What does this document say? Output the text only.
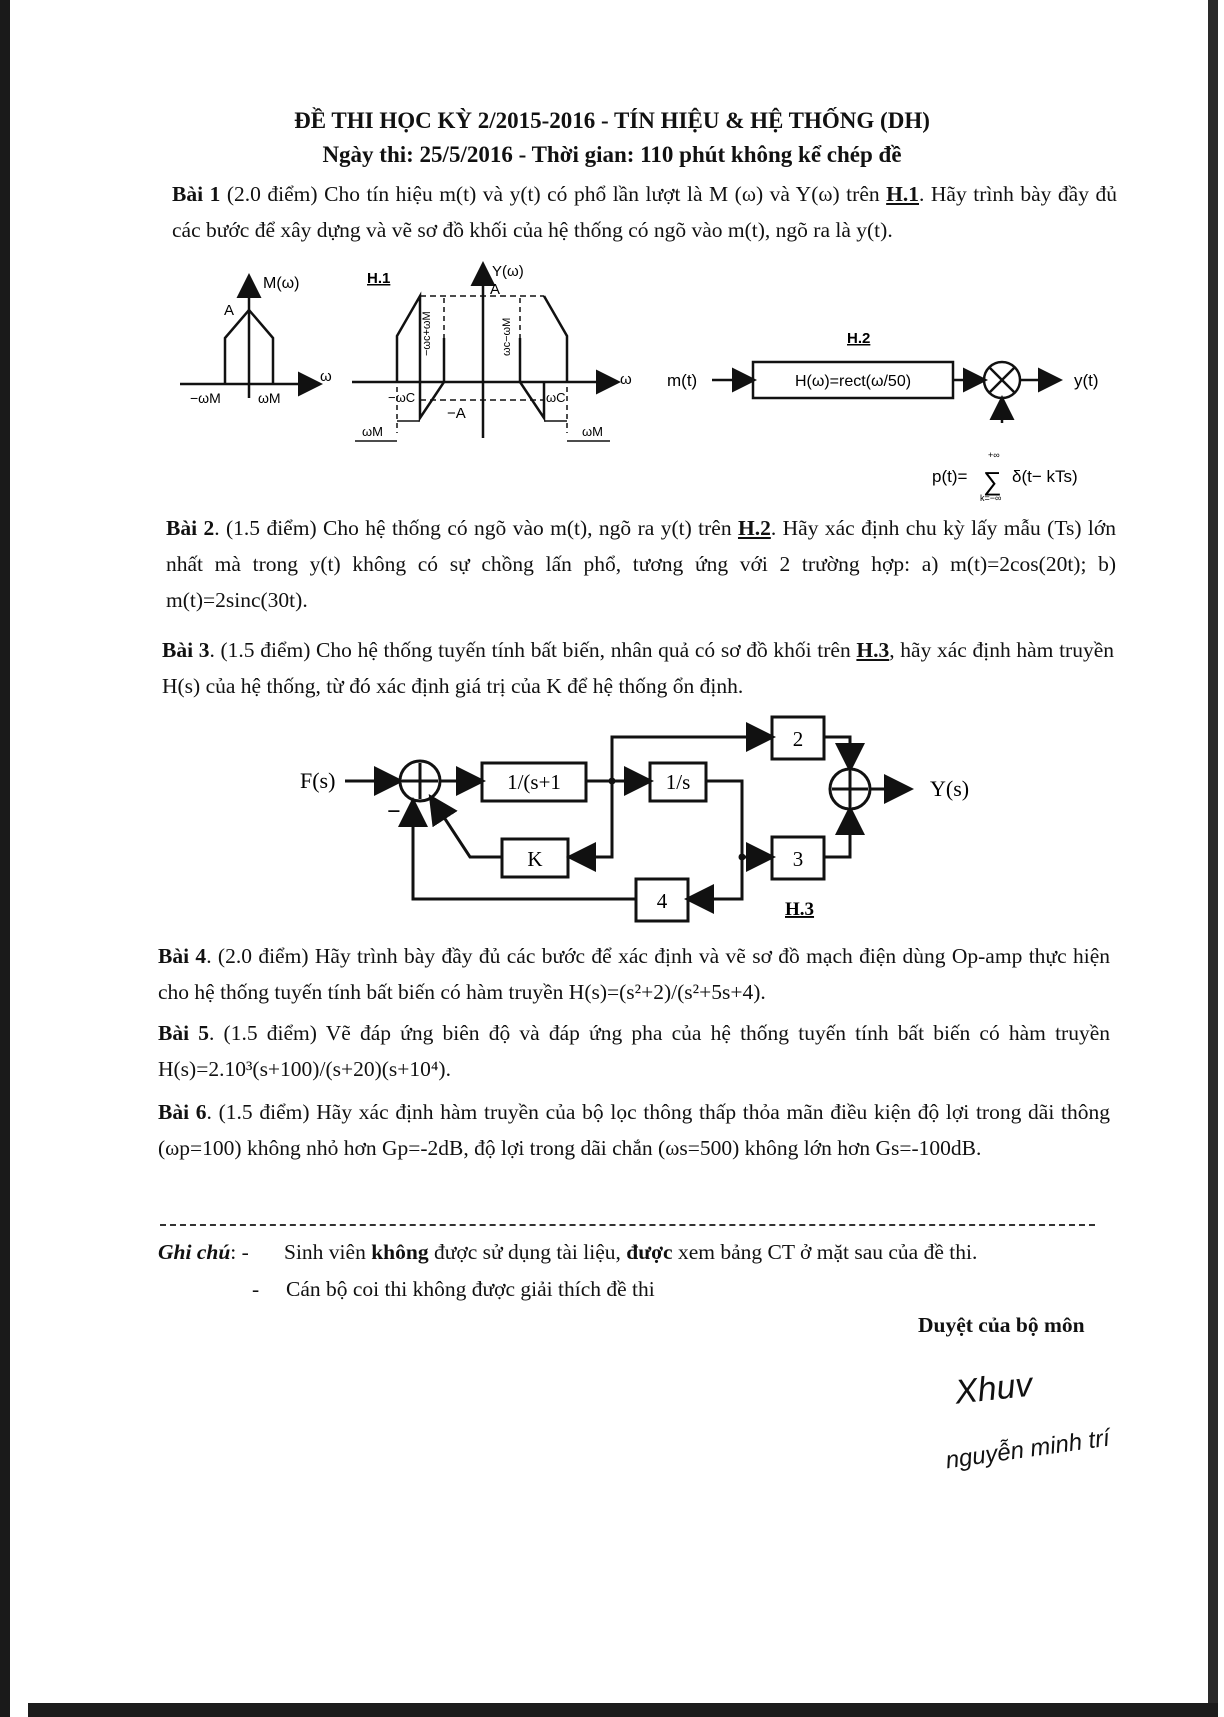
ĐỀ THI HỌC KỲ 2/2015-2016 - TÍN HIỆU & HỆ THỐNG (DH)
Ngày thi: 25/5/2016 - Thời gian: 110 phút không kể chép đề

Bài 1 (2.0 điểm) Cho tín hiệu m(t) và y(t) có phổ lần lượt là M (ω) và Y(ω) trên H.1. Hãy trình bày đầy đủ các bước để xây dựng và vẽ sơ đồ khối của hệ thống có ngõ vào m(t), ngõ ra là y(t).

M(ω)
A
ω
−ωM	ωM
H.1	Y(ω)
A
−A
ω
−ωC	ωC
−ωc+ωM	ωc−ωM
ωM	ωM
H.2
m(t)	H(ω)=rect(ω/50)	y(t)
p(t)= ∑
+∞
k=−∞
δ(t− kTs)

Bài 2. (1.5 điểm) Cho hệ thống có ngõ vào m(t), ngõ ra y(t) trên H.2. Hãy xác định chu kỳ lấy mẫu (Ts) lớn nhất mà trong y(t) không có sự chồng lấn phổ, tương ứng với 2 trường hợp: a) m(t)=2cos(20t); b) m(t)=2sinc(30t).

Bài 3. (1.5 điểm) Cho hệ thống tuyến tính bất biến, nhân quả có sơ đồ khối trên H.3, hãy xác định hàm truyền H(s) của hệ thống, từ đó xác định giá trị của K để hệ thống ổn định.

F(s)
−
1/(s+1	1/s
2
Y(s)
3
K
4	H.3

Bài 4. (2.0 điểm) Hãy trình bày đầy đủ các bước để xác định và vẽ sơ đồ mạch điện dùng Op-amp thực hiện cho hệ thống tuyến tính bất biến có hàm truyền H(s)=(s²+2)/(s²+5s+4).

Bài 5. (1.5 điểm) Vẽ đáp ứng biên độ và đáp ứng pha của hệ thống tuyến tính bất biến có hàm truyền H(s)=2.10³(s+100)/(s+20)(s+10⁴).

Bài 6. (1.5 điểm) Hãy xác định hàm truyền của bộ lọc thông thấp thỏa mãn điều kiện độ lợi trong dãi thông (ωp=100) không nhỏ hơn Gp=-2dB, độ lợi trong dãi chắn (ωs=500) không lớn hơn Gs=-100dB.

Ghi chú: - Sinh viên không được sử dụng tài liệu, được xem bảng CT ở mặt sau của đề thi.
- Cán bộ coi thi không được giải thích đề thi
Duyệt của bộ môn
Xhuv
nguyễn minh trí
